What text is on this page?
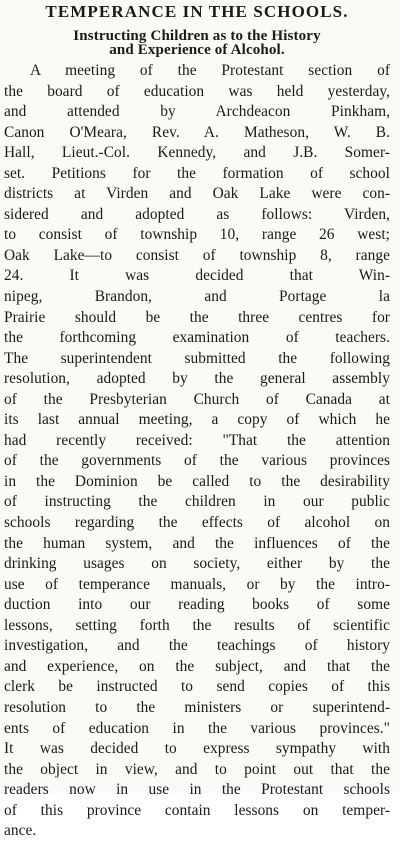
TEMPERANCE IN THE SCHOOLS.
Instructing Children as to the History
and Experience of Alcohol.
A meeting of the Protestant section of
the board of education was held yesterday,
and attended by Archdeacon Pinkham,
Canon O'Meara, Rev. A. Matheson, W. B.
Hall, Lieut.-Col. Kennedy, and J.B. Somer-
set. Petitions for the formation of school
districts at Virden and Oak Lake were con-
sidered and adopted as follows: Virden,
to consist of township 10, range 26 west;
Oak Lake—to consist of township 8, range
24. It was decided that Win-
nipeg, Brandon, and Portage la
Prairie should be the three centres for
the forthcoming examination of teachers.
The superintendent submitted the following
resolution, adopted by the general assembly
of the Presbyterian Church of Canada at
its last annual meeting, a copy of which he
had recently received: "That the attention
of the governments of the various provinces
in the Dominion be called to the desirability
of instructing the children in our public
schools regarding the effects of alcohol on
the human system, and the influences of the
drinking usages on society, either by the
use of temperance manuals, or by the intro-
duction into our reading books of some
lessons, setting forth the results of scientific
investigation, and the teachings of history
and experience, on the subject, and that the
clerk be instructed to send copies of this
resolution to the ministers or superintend-
ents of education in the various provinces."
It was decided to express sympathy with
the object in view, and to point out that the
readers now in use in the Protestant schools
of this province contain lessons on temper-
ance.
